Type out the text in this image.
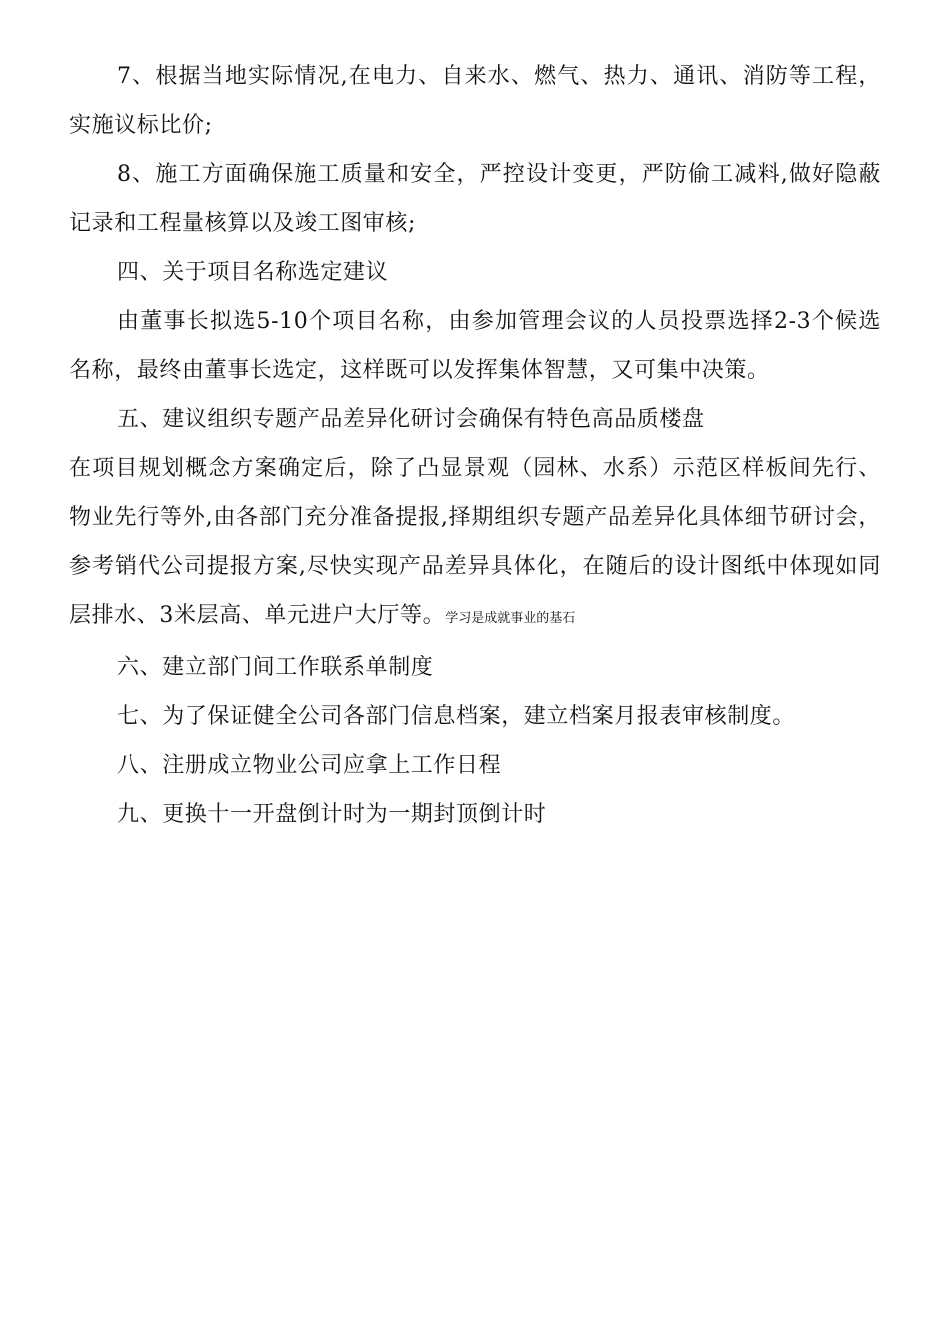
7、根据当地实际情况,在电力、自来水、燃气、热力、通讯、消防等工程，实施议标比价;

8、施工方面确保施工质量和安全，严控设计变更，严防偷工减料,做好隐蔽记录和工程量核算以及竣工图审核;

四、关于项目名称选定建议

由董事长拟选5-10个项目名称，由参加管理会议的人员投票选择2-3个候选名称，最终由董事长选定，这样既可以发挥集体智慧，又可集中决策。

五、建议组织专题产品差异化研讨会确保有特色高品质楼盘

在项目规划概念方案确定后，除了凸显景观（园林、水系）示范区样板间先行、物业先行等外,由各部门充分准备提报,择期组织专题产品差异化具体细节研讨会，参考销代公司提报方案,尽快实现产品差异具体化，在随后的设计图纸中体现如同层排水、3米层高、单元进户大厅等。学习是成就事业的基石

六、建立部门间工作联系单制度

七、为了保证健全公司各部门信息档案，建立档案月报表审核制度。

八、注册成立物业公司应拿上工作日程

九、更换十一开盘倒计时为一期封顶倒计时
